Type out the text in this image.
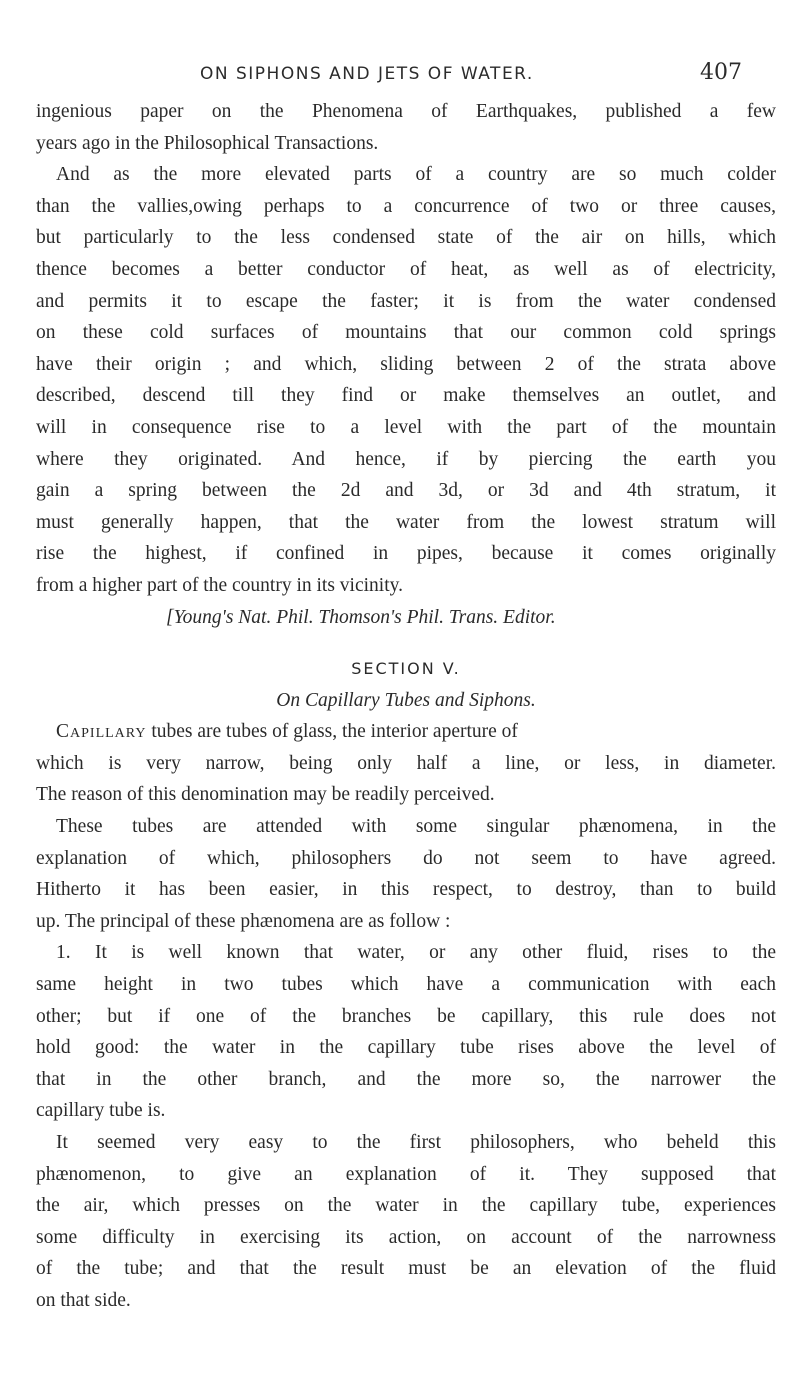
ON SIPHONS AND JETS OF WATER.	407
ingenious paper on the Phenomena of Earthquakes, published a few
years ago in the Philosophical Transactions.
And as the more elevated parts of a country are so much colder
than the vallies,owing perhaps to a concurrence of two or three causes,
but particularly to the less condensed state of the air on hills, which
thence becomes a better conductor of heat, as well as of electricity,
and permits it to escape the faster; it is from the water condensed
on these cold surfaces of mountains that our common cold springs
have their origin ; and which, sliding between 2 of the strata above
described, descend till they find or make themselves an outlet, and
will in consequence rise to a level with the part of the mountain
where they originated. And hence, if by piercing the earth you
gain a spring between the 2d and 3d, or 3d and 4th stratum, it
must generally happen, that the water from the lowest stratum will
rise the highest, if confined in pipes, because it comes originally
from a higher part of the country in its vicinity.
[Young's Nat. Phil. Thomson's Phil. Trans. Editor.
SECTION V.
On Capillary Tubes and Siphons.
Capillary tubes are tubes of glass, the interior aperture of
which is very narrow, being only half a line, or less, in diameter.
The reason of this denomination may be readily perceived.
These tubes are attended with some singular phænomena, in the
explanation of which, philosophers do not seem to have agreed.
Hitherto it has been easier, in this respect, to destroy, than to build
up. The principal of these phænomena are as follow :
1. It is well known that water, or any other fluid, rises to the
same height in two tubes which have a communication with each
other; but if one of the branches be capillary, this rule does not
hold good: the water in the capillary tube rises above the level of
that in the other branch, and the more so, the narrower the
capillary tube is.
It seemed very easy to the first philosophers, who beheld this
phænomenon, to give an explanation of it. They supposed that
the air, which presses on the water in the capillary tube, experiences
some difficulty in exercising its action, on account of the narrowness
of the tube; and that the result must be an elevation of the fluid
on that side.
